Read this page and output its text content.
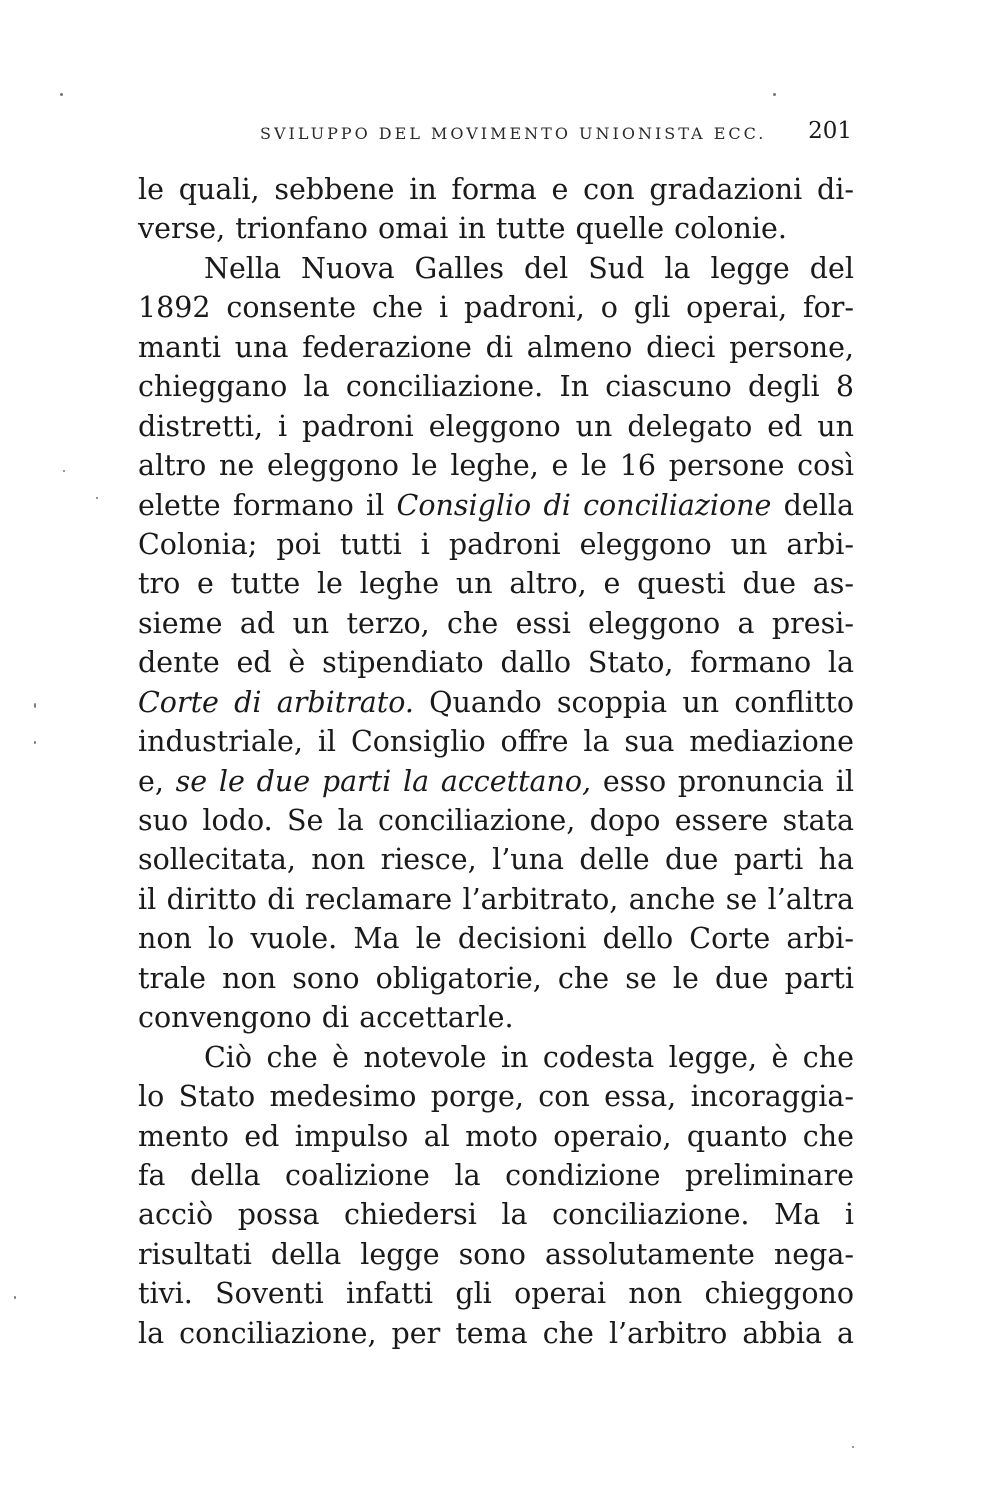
SVILUPPO DEL MOVIMENTO UNIONISTA ECC. 201
le quali, sebbene in forma e con gradazioni di-
verse, trionfano omai in tutte quelle colonie.
Nella Nuova Galles del Sud la legge del
1892 consente che i padroni, o gli operai, for-
manti una federazione di almeno dieci persone,
chieggano la conciliazione. In ciascuno degli 8
distretti, i padroni eleggono un delegato ed un
altro ne eleggono le leghe, e le 16 persone così
elette formano il Consiglio di conciliazione della
Colonia; poi tutti i padroni eleggono un arbi-
tro e tutte le leghe un altro, e questi due as-
sieme ad un terzo, che essi eleggono a presi-
dente ed è stipendiato dallo Stato, formano la
Corte di arbitrato. Quando scoppia un conflitto
industriale, il Consiglio offre la sua mediazione
e, se le due parti la accettano, esso pronuncia il
suo lodo. Se la conciliazione, dopo essere stata
sollecitata, non riesce, l’una delle due parti ha
il diritto di reclamare l’arbitrato, anche se l’altra
non lo vuole. Ma le decisioni dello Corte arbi-
trale non sono obligatorie, che se le due parti
convengono di accettarle.
Ciò che è notevole in codesta legge, è che
lo Stato medesimo porge, con essa, incoraggia-
mento ed impulso al moto operaio, quanto che
fa della coalizione la condizione preliminare
acciò possa chiedersi la conciliazione. Ma i
risultati della legge sono assolutamente nega-
tivi. Soventi infatti gli operai non chieggono
la conciliazione, per tema che l’arbitro abbia a
